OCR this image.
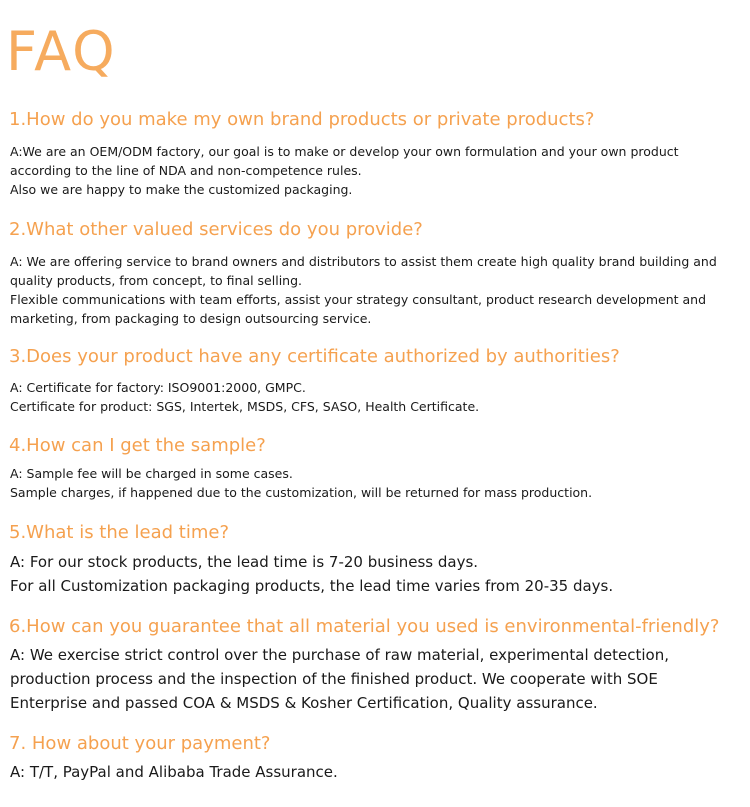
FAQ
1.How do you make my own brand products or private products?

A:We are an OEM/ODM factory, our goal is to make or develop your own formulation and your own product
according to the line of NDA and non-competence rules.
Also we are happy to make the customized packaging.

2.What other valued services do you provide?

A: We are offering service to brand owners and distributors to assist them create high quality brand building and
quality products, from concept, to final selling.
Flexible communications with team efforts, assist your strategy consultant, product research development and
marketing, from packaging to design outsourcing service.

3.Does your product have any certificate authorized by authorities?

A: Certificate for factory: ISO9001:2000, GMPC.
Certificate for product: SGS, Intertek, MSDS, CFS, SASO, Health Certificate.

4.How can I get the sample?

A: Sample fee will be charged in some cases.
Sample charges, if happened due to the customization, will be returned for mass production.

5.What is the lead time?

A: For our stock products, the lead time is 7-20 business days.
For all Customization packaging products, the lead time varies from 20-35 days.

6.How can you guarantee that all material you used is environmental-friendly?

A: We exercise strict control over the purchase of raw material, experimental detection,
production process and the inspection of the finished product. We cooperate with SOE
Enterprise and passed COA & MSDS & Kosher Certification, Quality assurance.

7. How about your payment?

A: T/T, PayPal and Alibaba Trade Assurance.
